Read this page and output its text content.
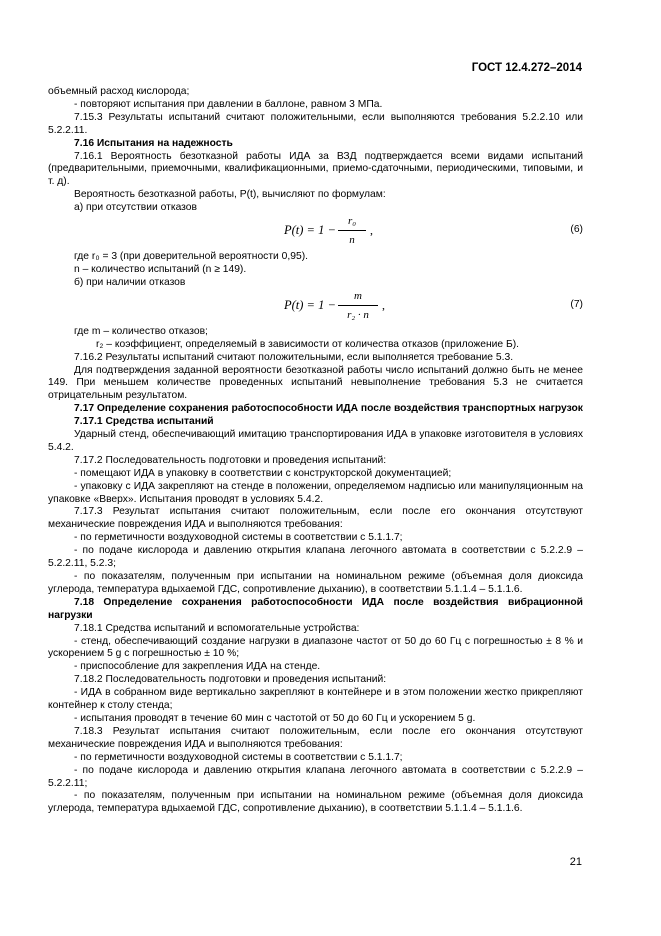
ГОСТ 12.4.272–2014
объемный расход кислорода;
- повторяют испытания при давлении в баллоне, равном 3 МПа.
7.15.3 Результаты испытаний считают положительными, если выполняются требования 5.2.2.10 или 5.2.2.11.
7.16 Испытания на надежность
7.16.1 Вероятность безотказной работы ИДА за ВЗД подтверждается всеми видами испытаний (предварительными, приемочными, квалификационными, приемо-сдаточными, периодическими, типовыми, и т. д).
Вероятность безотказной работы, P(t), вычисляют по формулам:
а) при отсутствии отказов
P(t) = 1 −
r₀
n
,	(6)
где r₀ = 3 (при доверительной вероятности 0,95).
n – количество испытаний (n ≥ 149).
б) при наличии отказов
P(t) = 1 −
m
r₂ · n
,	(7)
где m – количество отказов;
r₂ – коэффициент, определяемый в зависимости от количества отказов (приложение Б).
7.16.2 Результаты испытаний считают положительными, если выполняется требование 5.3.
Для подтверждения заданной вероятности безотказной работы число испытаний должно быть не менее 149. При меньшем количестве проведенных испытаний невыполнение требования 5.3 не считается отрицательным результатом.
7.17 Определение сохранения работоспособности ИДА после воздействия транспортных нагрузок
7.17.1 Средства испытаний
Ударный стенд, обеспечивающий имитацию транспортирования ИДА в упаковке изготовителя в условиях 5.4.2.
7.17.2 Последовательность подготовки и проведения испытаний:
- помещают ИДА в упаковку в соответствии с конструкторской документацией;
- упаковку с ИДА закрепляют на стенде в положении, определяемом надписью или манипуляционным на упаковке «Вверх». Испытания проводят в условиях 5.4.2.
7.17.3 Результат испытания считают положительным, если после его окончания отсутствуют механические повреждения ИДА и выполняются требования:
- по герметичности воздуховодной системы в соответствии с 5.1.1.7;
- по подаче кислорода и давлению открытия клапана легочного автомата в соответствии с 5.2.2.9 – 5.2.2.11, 5.2.3;
- по показателям, полученным при испытании на номинальном режиме (объемная доля диоксида углерода, температура вдыхаемой ГДС, сопротивление дыханию), в соответствии 5.1.1.4 – 5.1.1.6.
7.18 Определение сохранения работоспособности ИДА после воздействия вибрационной нагрузки
7.18.1 Средства испытаний и вспомогательные устройства:
- стенд, обеспечивающий создание нагрузки в диапазоне частот от 50 до 60 Гц с погрешностью ± 8 % и ускорением 5 g с погрешностью ± 10 %;
- приспособление для закрепления ИДА на стенде.
7.18.2 Последовательность подготовки и проведения испытаний:
- ИДА в собранном виде вертикально закрепляют в контейнере и в этом положении жестко прикрепляют контейнер к столу стенда;
- испытания проводят в течение 60 мин с частотой от 50 до 60 Гц и ускорением 5 g.
7.18.3 Результат испытания считают положительным, если после его окончания отсутствуют механические повреждения ИДА и выполняются требования:
- по герметичности воздуховодной системы в соответствии с 5.1.1.7;
- по подаче кислорода и давлению открытия клапана легочного автомата в соответствии с 5.2.2.9 – 5.2.2.11;
- по показателям, полученным при испытании на номинальном режиме (объемная доля диоксида углерода, температура вдыхаемой ГДС, сопротивление дыханию), в соответствии 5.1.1.4 – 5.1.1.6.
21
